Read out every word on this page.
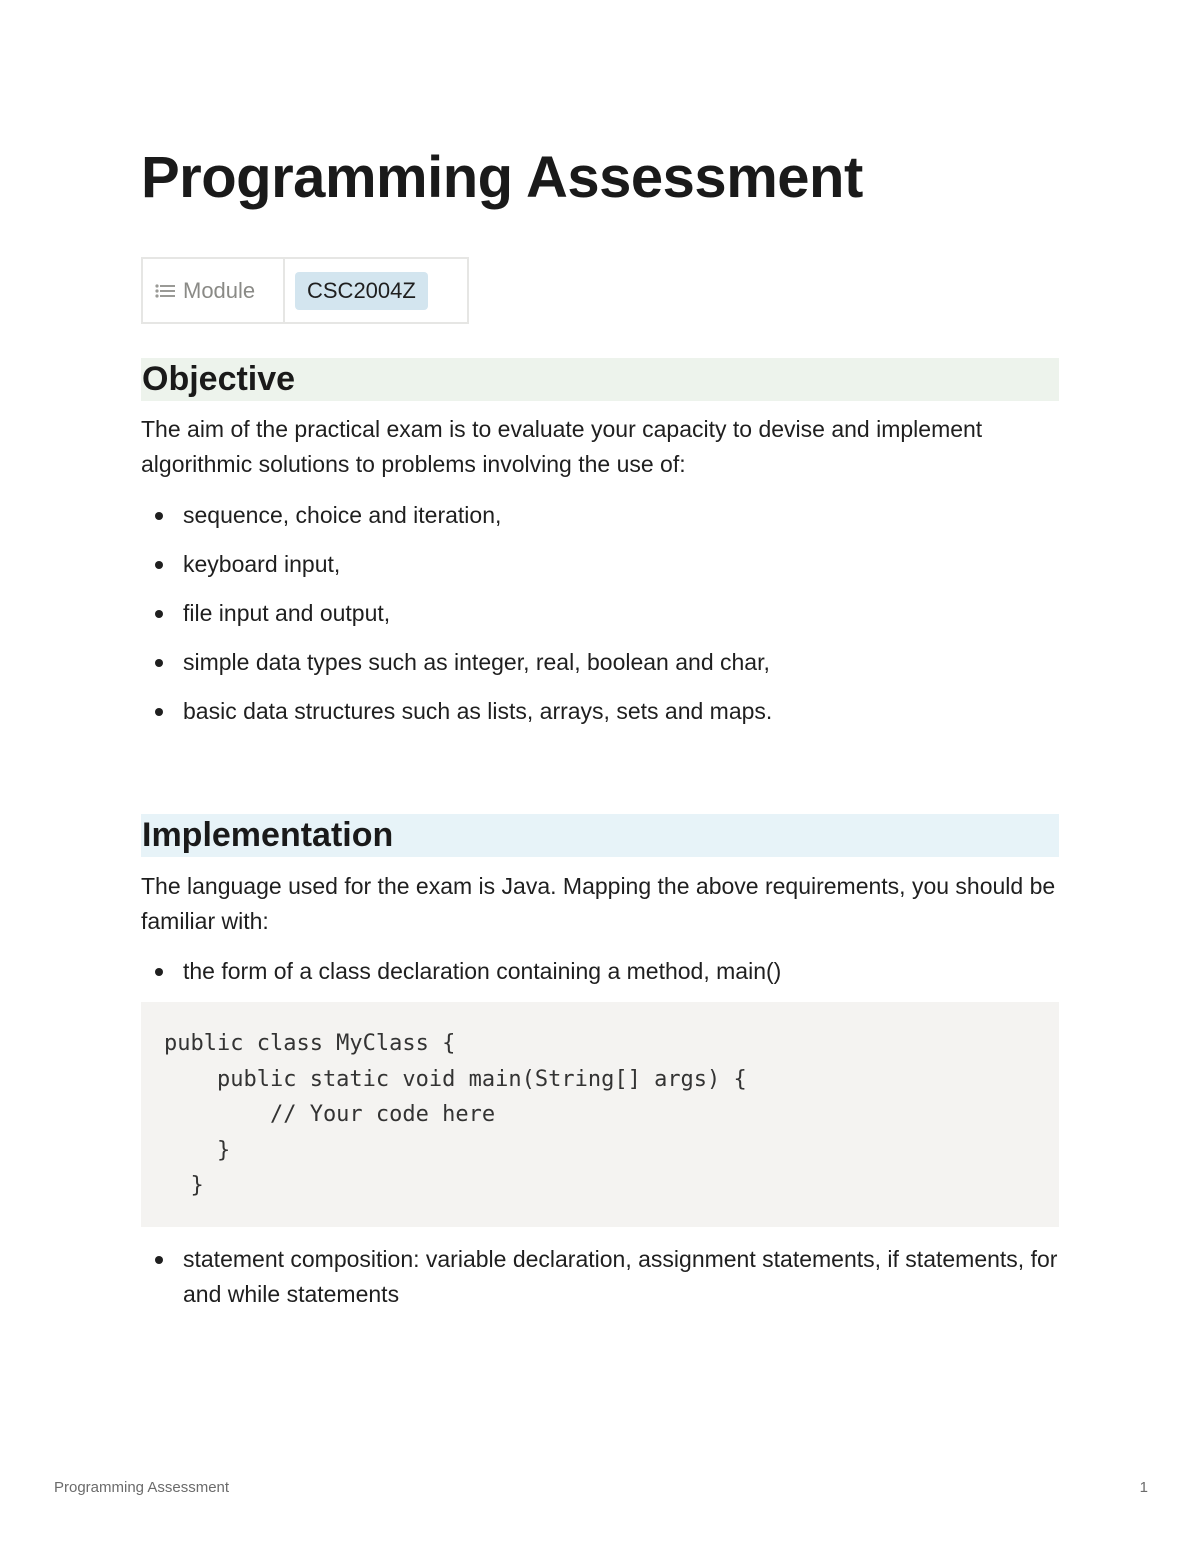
Programming Assessment
Module	CSC2004Z
Objective

The aim of the practical exam is to evaluate your capacity to devise and implement algorithmic solutions to problems involving the use of:

sequence, choice and iteration,
keyboard input,
file input and output,
simple data types such as integer, real, boolean and char,
basic data structures such as lists, arrays, sets and maps.
Implementation

The language used for the exam is Java. Mapping the above requirements, you should be familiar with:

the form of a class declaration containing a method, main()
public class MyClass {
public static void main(String[] args) {
// Your code here
}
}
statement composition: variable declaration, assignment statements, if statements, for and while statements
Programming Assessment	1
